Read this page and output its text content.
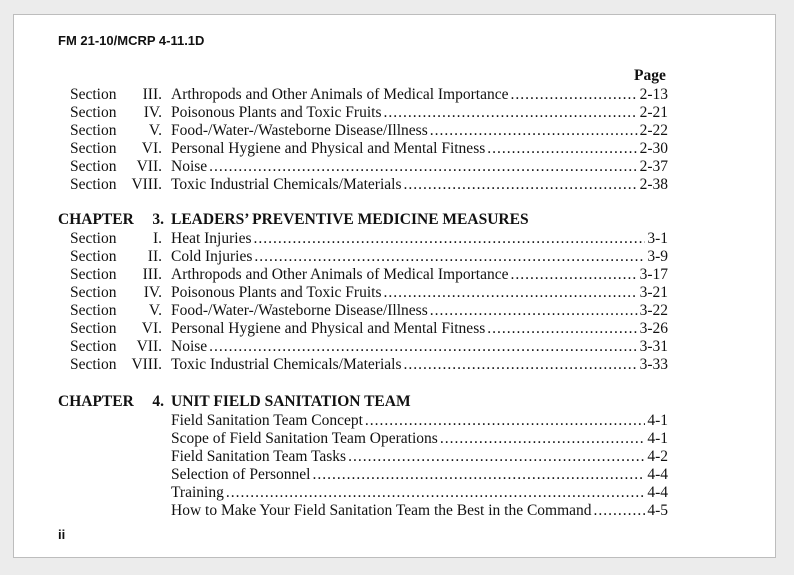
FM 21-10/MCRP 4-11.1D
Page
Section	III. Arthropods and Other Animals of Medical Importance .....	2-13
Section	IV. Poisonous Plants and Toxic Fruits .....	2-21
Section	V. Food-/Water-/Wasteborne Disease/Illness .....	2-22
Section	VI. Personal Hygiene and Physical and Mental Fitness .....	2-30
Section	VII. Noise .....	2-37
Section VIII. Toxic Industrial Chemicals/Materials .....	2-38
CHAPTER	3. LEADERS’ PREVENTIVE MEDICINE MEASURES
Section	I. Heat Injuries .....	3-1
Section	II. Cold Injuries .....	3-9
Section	III. Arthropods and Other Animals of Medical Importance .....	3-17
Section	IV. Poisonous Plants and Toxic Fruits .....	3-21
Section	V. Food-/Water-/Wasteborne Disease/Illness .....	3-22
Section	VI. Personal Hygiene and Physical and Mental Fitness .....	3-26
Section	VII. Noise .....	3-31
Section VIII. Toxic Industrial Chemicals/Materials .....	3-33
CHAPTER	4. UNIT FIELD SANITATION TEAM
Field Sanitation Team Concept .....	4-1
Scope of Field Sanitation Team Operations .....	4-1
Field Sanitation Team Tasks .....	4-2
Selection of Personnel .....	4-4
Training .....	4-4
How to Make Your Field Sanitation Team the Best in the Command .....	4-5
ii
